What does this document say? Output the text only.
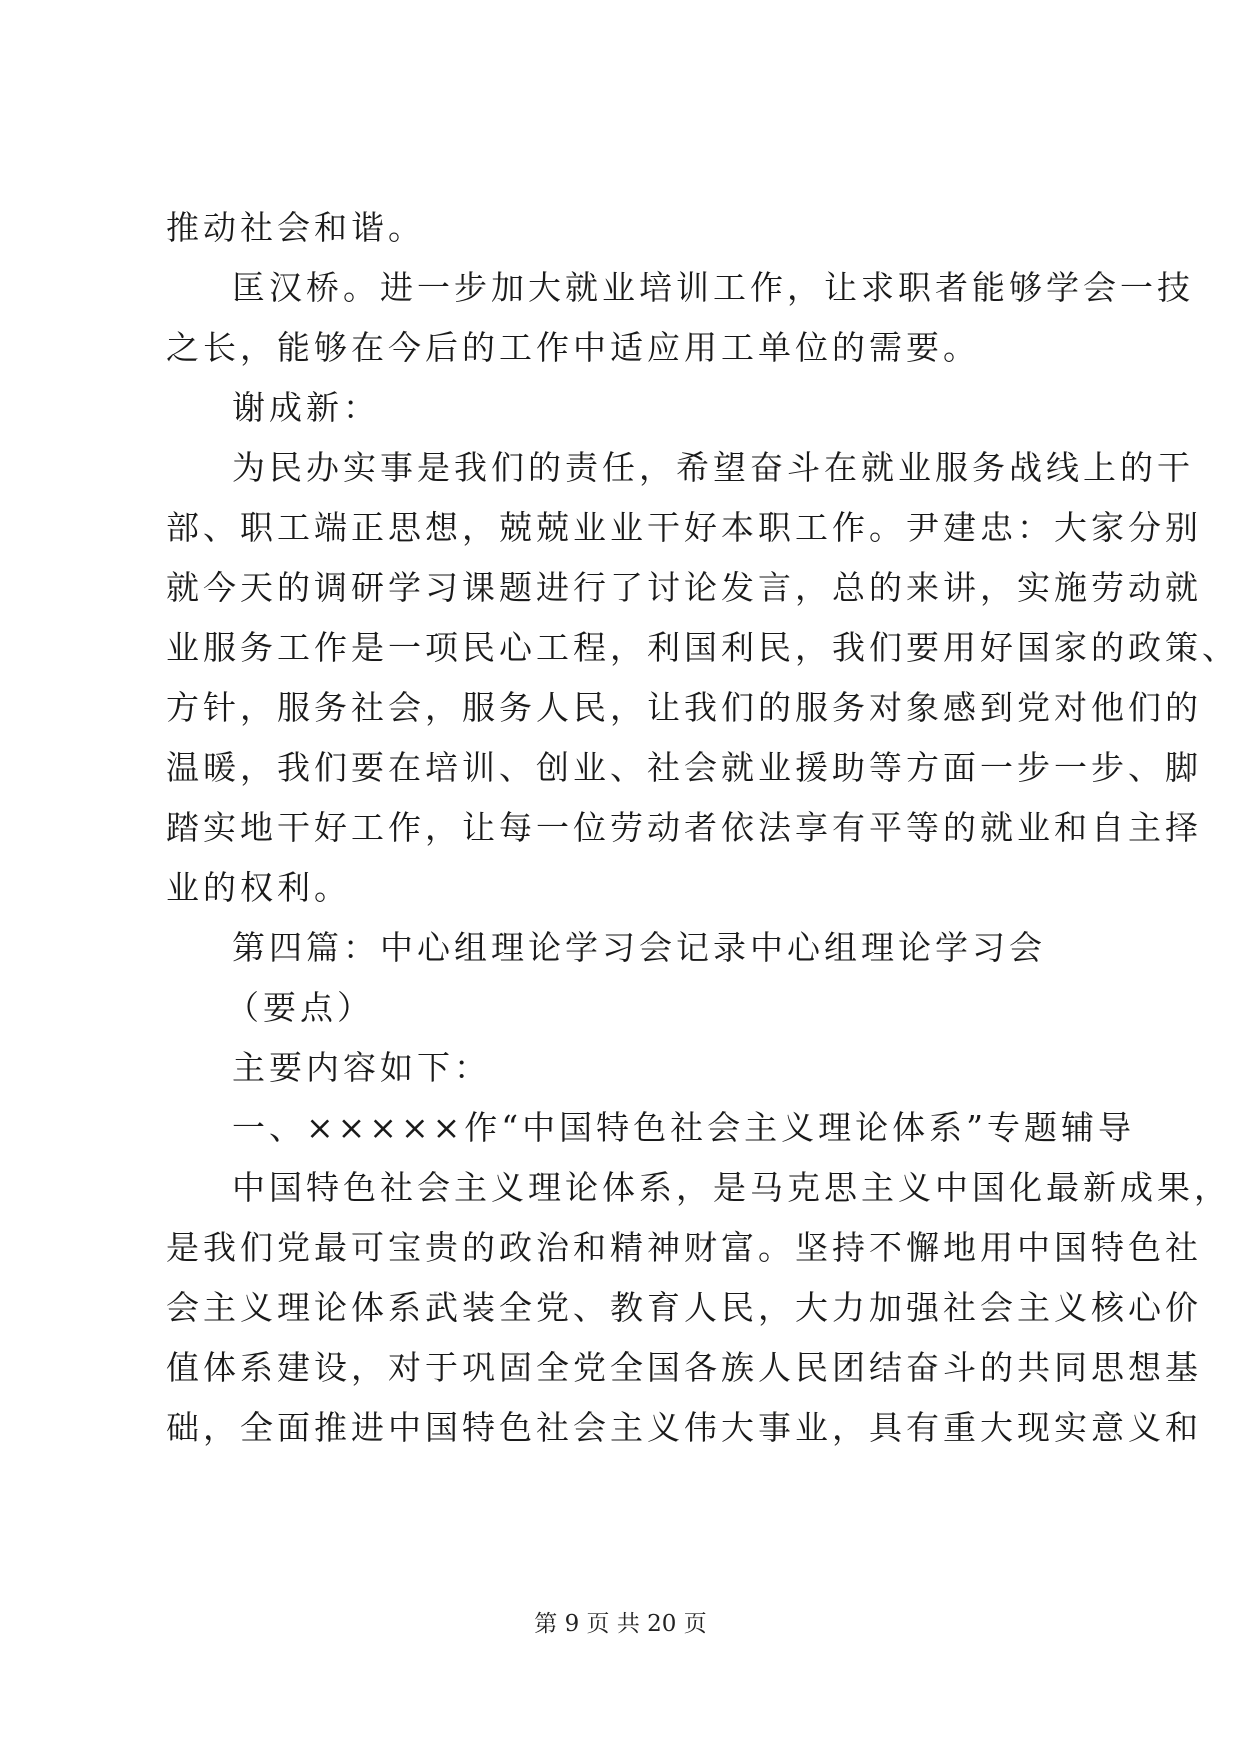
推动社会和谐。
匡汉桥。进一步加大就业培训工作，让求职者能够学会一技
之长，能够在今后的工作中适应用工单位的需要。
谢成新：
为民办实事是我们的责任，希望奋斗在就业服务战线上的干
部、职工端正思想，兢兢业业干好本职工作。尹建忠：大家分别
就今天的调研学习课题进行了讨论发言，总的来讲，实施劳动就
业服务工作是一项民心工程，利国利民，我们要用好国家的政策、
方针，服务社会，服务人民，让我们的服务对象感到党对他们的
温暖，我们要在培训、创业、社会就业援助等方面一步一步、脚
踏实地干好工作，让每一位劳动者依法享有平等的就业和自主择
业的权利。
第四篇：中心组理论学习会记录中心组理论学习会
（要点）
主要内容如下：
一、×××××作“中国特色社会主义理论体系”专题辅导
中国特色社会主义理论体系，是马克思主义中国化最新成果，
是我们党最可宝贵的政治和精神财富。坚持不懈地用中国特色社
会主义理论体系武装全党、教育人民，大力加强社会主义核心价
值体系建设，对于巩固全党全国各族人民团结奋斗的共同思想基
础，全面推进中国特色社会主义伟大事业，具有重大现实意义和
第 9 页 共 20 页
